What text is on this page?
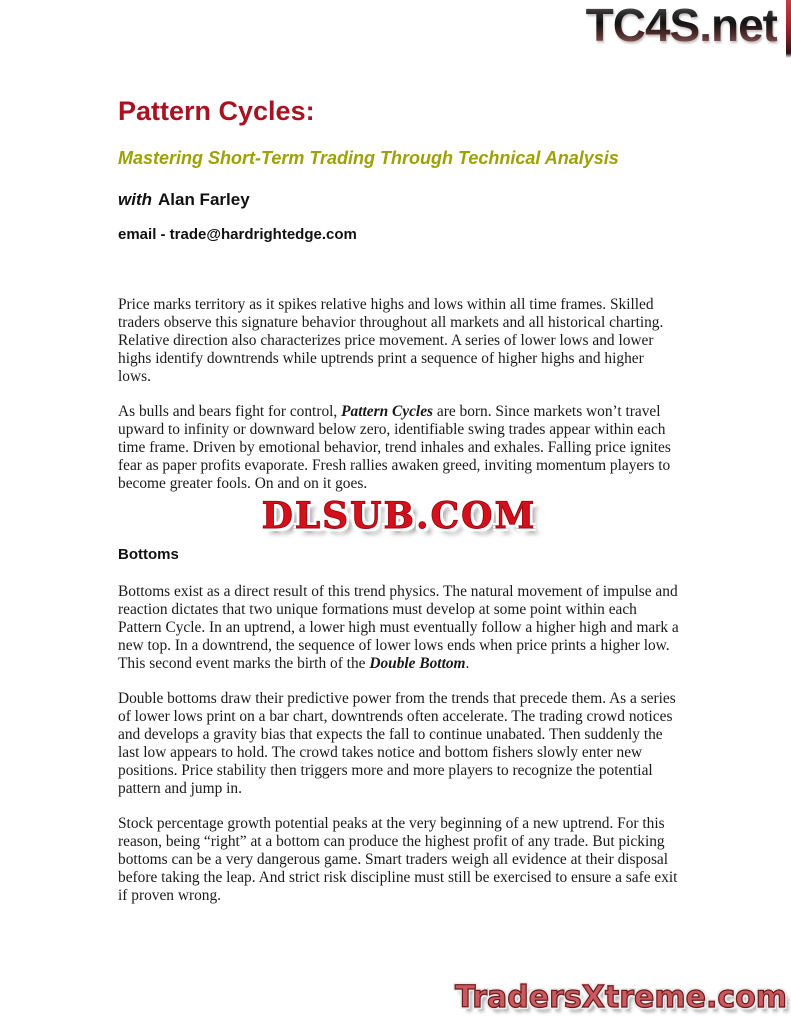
TC4S.net
Pattern Cycles:
Mastering Short-Term Trading Through Technical Analysis
with Alan Farley
email - trade@hardrightedge.com

Price marks territory as it spikes relative highs and lows within all time frames. Skilled traders observe this signature behavior throughout all markets and all historical charting. Relative direction also characterizes price movement. A series of lower lows and lower highs identify downtrends while uptrends print a sequence of higher highs and higher lows.

As bulls and bears fight for control, Pattern Cycles are born. Since markets won’t travel upward to infinity or downward below zero, identifiable swing trades appear within each time frame. Driven by emotional behavior, trend inhales and exhales. Falling price ignites fear as paper profits evaporate. Fresh rallies awaken greed, inviting momentum players to become greater fools. On and on it goes.

DLSUB.COM
Bottoms

Bottoms exist as a direct result of this trend physics. The natural movement of impulse and reaction dictates that two unique formations must develop at some point within each Pattern Cycle. In an uptrend, a lower high must eventually follow a higher high and mark a new top. In a downtrend, the sequence of lower lows ends when price prints a higher low. This second event marks the birth of the Double Bottom.

Double bottoms draw their predictive power from the trends that precede them. As a series of lower lows print on a bar chart, downtrends often accelerate. The trading crowd notices and develops a gravity bias that expects the fall to continue unabated. Then suddenly the last low appears to hold. The crowd takes notice and bottom fishers slowly enter new positions. Price stability then triggers more and more players to recognize the potential pattern and jump in.

Stock percentage growth potential peaks at the very beginning of a new uptrend. For this reason, being “right” at a bottom can produce the highest profit of any trade. But picking bottoms can be a very dangerous game. Smart traders weigh all evidence at their disposal before taking the leap. And strict risk discipline must still be exercised to ensure a safe exit if proven wrong.

TradersXtreme.com
